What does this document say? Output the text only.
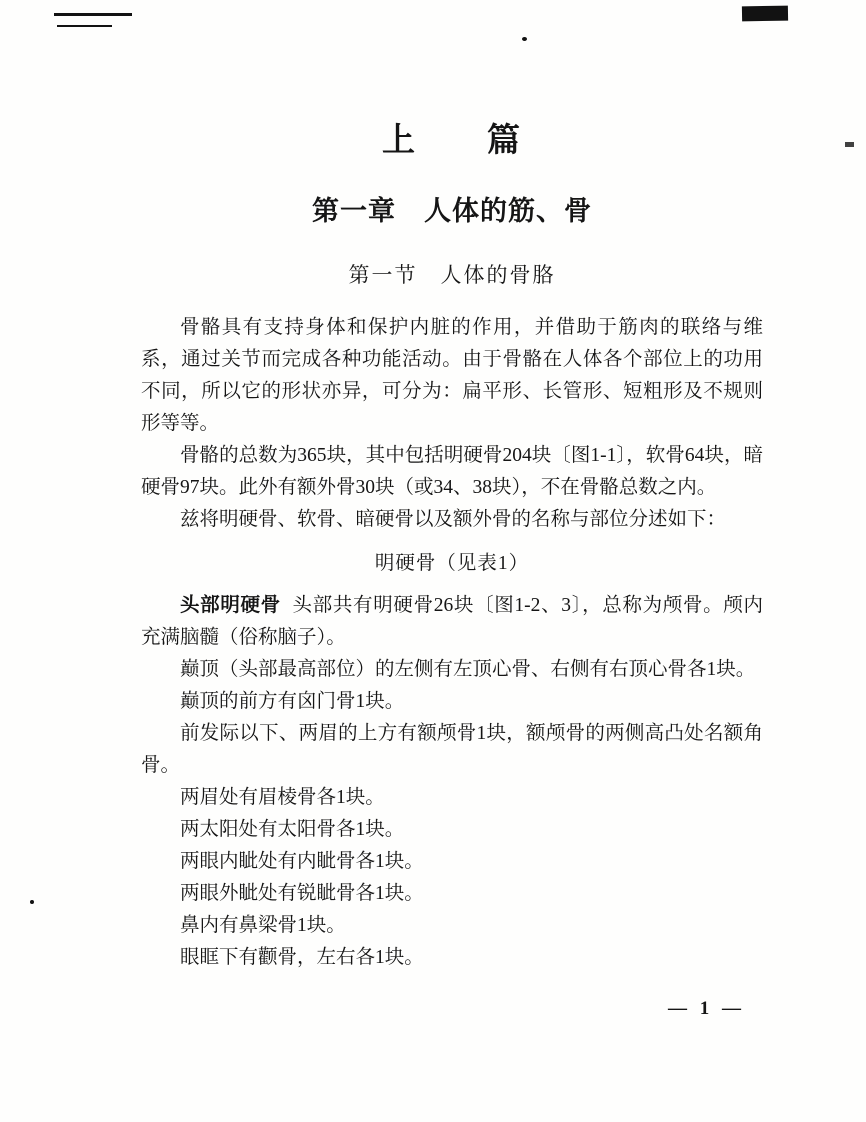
上　　篇
第一章　人体的筋、骨
第一节　人体的骨胳

骨骼具有支持身体和保护内脏的作用，并借助于筋肉的联络与维系，通过关节而完成各种功能活动。由于骨骼在人体各个部位上的功用不同，所以它的形状亦异，可分为：扁平形、长管形、短粗形及不规则形等等。

骨骼的总数为365块，其中包括明硬骨204块〔图1-1〕，软骨64块，暗硬骨97块。此外有额外骨30块（或34、38块），不在骨骼总数之内。

兹将明硬骨、软骨、暗硬骨以及额外骨的名称与部位分述如下：

明硬骨（见表1）

头部明硬骨 头部共有明硬骨26块〔图1-2、3〕，总称为颅骨。颅内充满脑髓（俗称脑子）。

巅顶（头部最高部位）的左侧有左顶心骨、右侧有右顶心骨各1块。

巅顶的前方有囟门骨1块。

前发际以下、两眉的上方有额颅骨1块，额颅骨的两侧高凸处名额角骨。

两眉处有眉棱骨各1块。

两太阳处有太阳骨各1块。

两眼内眦处有内眦骨各1块。

两眼外眦处有锐眦骨各1块。

鼻内有鼻梁骨1块。

眼眶下有颧骨，左右各1块。

— 1 —
